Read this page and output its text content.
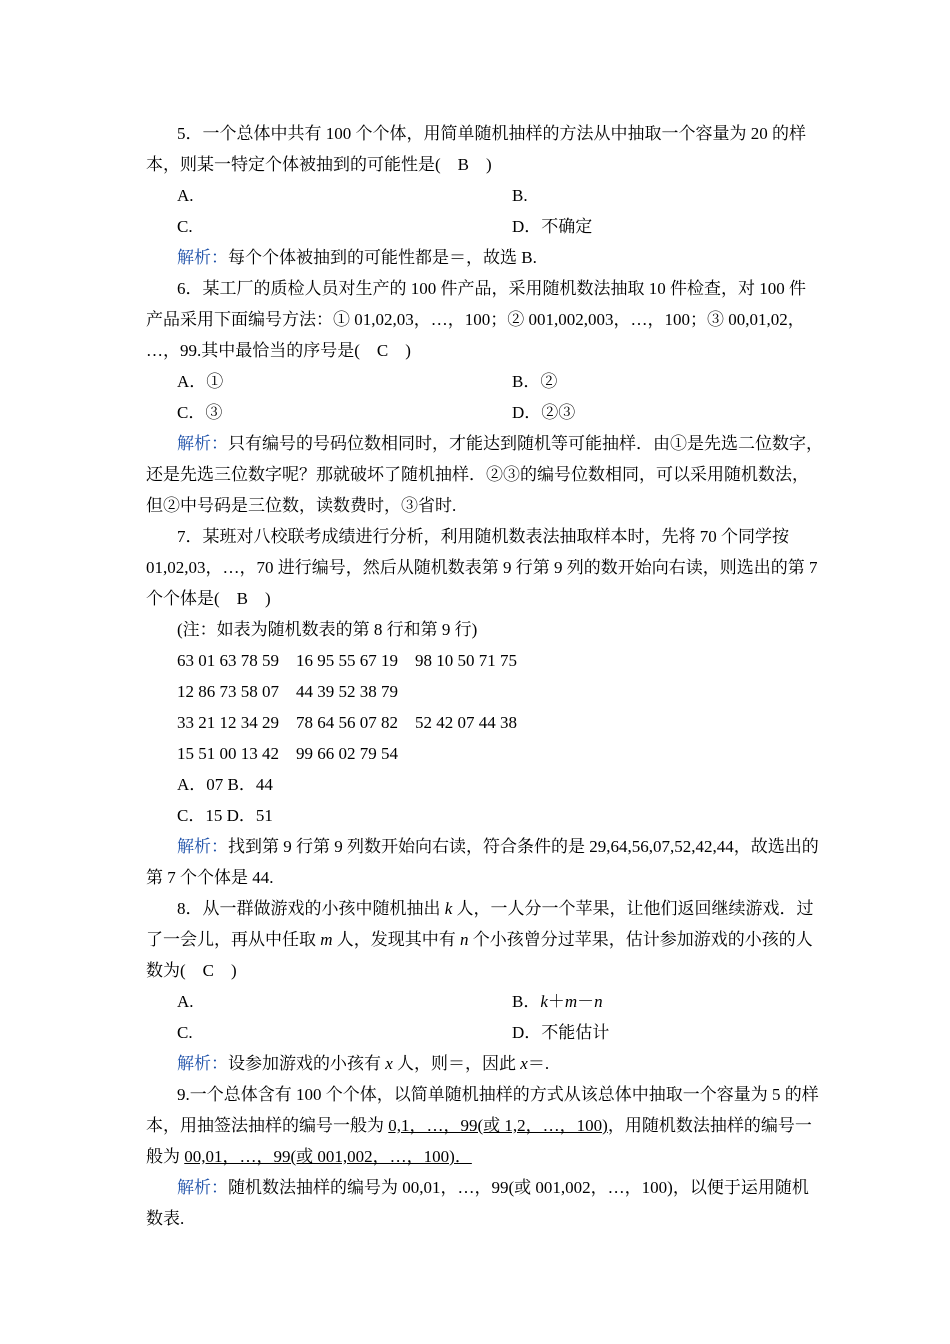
5．一个总体中共有 100 个个体，用简单随机抽样的方法从中抽取一个容量为 20 的样
本，则某一特定个体被抽到的可能性是(　B　)
A.	B.
C.	D．不确定
解析：每个个体被抽到的可能性都是＝，故选 B.
6．某工厂的质检人员对生产的 100 件产品，采用随机数法抽取 10 件检查，对 100 件
产品采用下面编号方法：① 01,02,03，…，100；② 001,002,003，…，100；③ 00,01,02，
…，99.其中最恰当的序号是(　C　)
A．①	B．②
C．③	D．②③
解析：只有编号的号码位数相同时，才能达到随机等可能抽样．由①是先选二位数字，
还是先选三位数字呢？那就破坏了随机抽样．②③的编号位数相同，可以采用随机数法，
但②中号码是三位数，读数费时，③省时.
7．某班对八校联考成绩进行分析，利用随机数表法抽取样本时，先将 70 个同学按
01,02,03，…，70 进行编号，然后从随机数表第 9 行第 9 列的数开始向右读，则选出的第 7
个个体是(　B　)
(注：如表为随机数表的第 8 行和第 9 行)
63 01 63 78 59　16 95 55 67 19　98 10 50 71 75
12 86 73 58 07　44 39 52 38 79
33 21 12 34 29　78 64 56 07 82　52 42 07 44 38
15 51 00 13 42　99 66 02 79 54
A．07 B．44
C．15 D．51
解析：找到第 9 行第 9 列数开始向右读，符合条件的是 29,64,56,07,52,42,44，故选出的
第 7 个个体是 44.
8．从一群做游戏的小孩中随机抽出 k 人，一人分一个苹果，让他们返回继续游戏．过
了一会儿，再从中任取 m 人，发现其中有 n 个小孩曾分过苹果，估计参加游戏的小孩的人
数为(　C　)
A.	B．k＋m－n
C.	D．不能估计
解析：设参加游戏的小孩有 x 人，则＝，因此 x＝.
9.一个总体含有 100 个个体，以简单随机抽样的方式从该总体中抽取一个容量为 5 的样
本，用抽签法抽样的编号一般为 0,1，…，99(或 1,2，…，100)，用随机数法抽样的编号一
般为 00,01，…，99(或 001,002，…，100)．
解析：随机数法抽样的编号为 00,01，…，99(或 001,002，…，100)，以便于运用随机
数表.
